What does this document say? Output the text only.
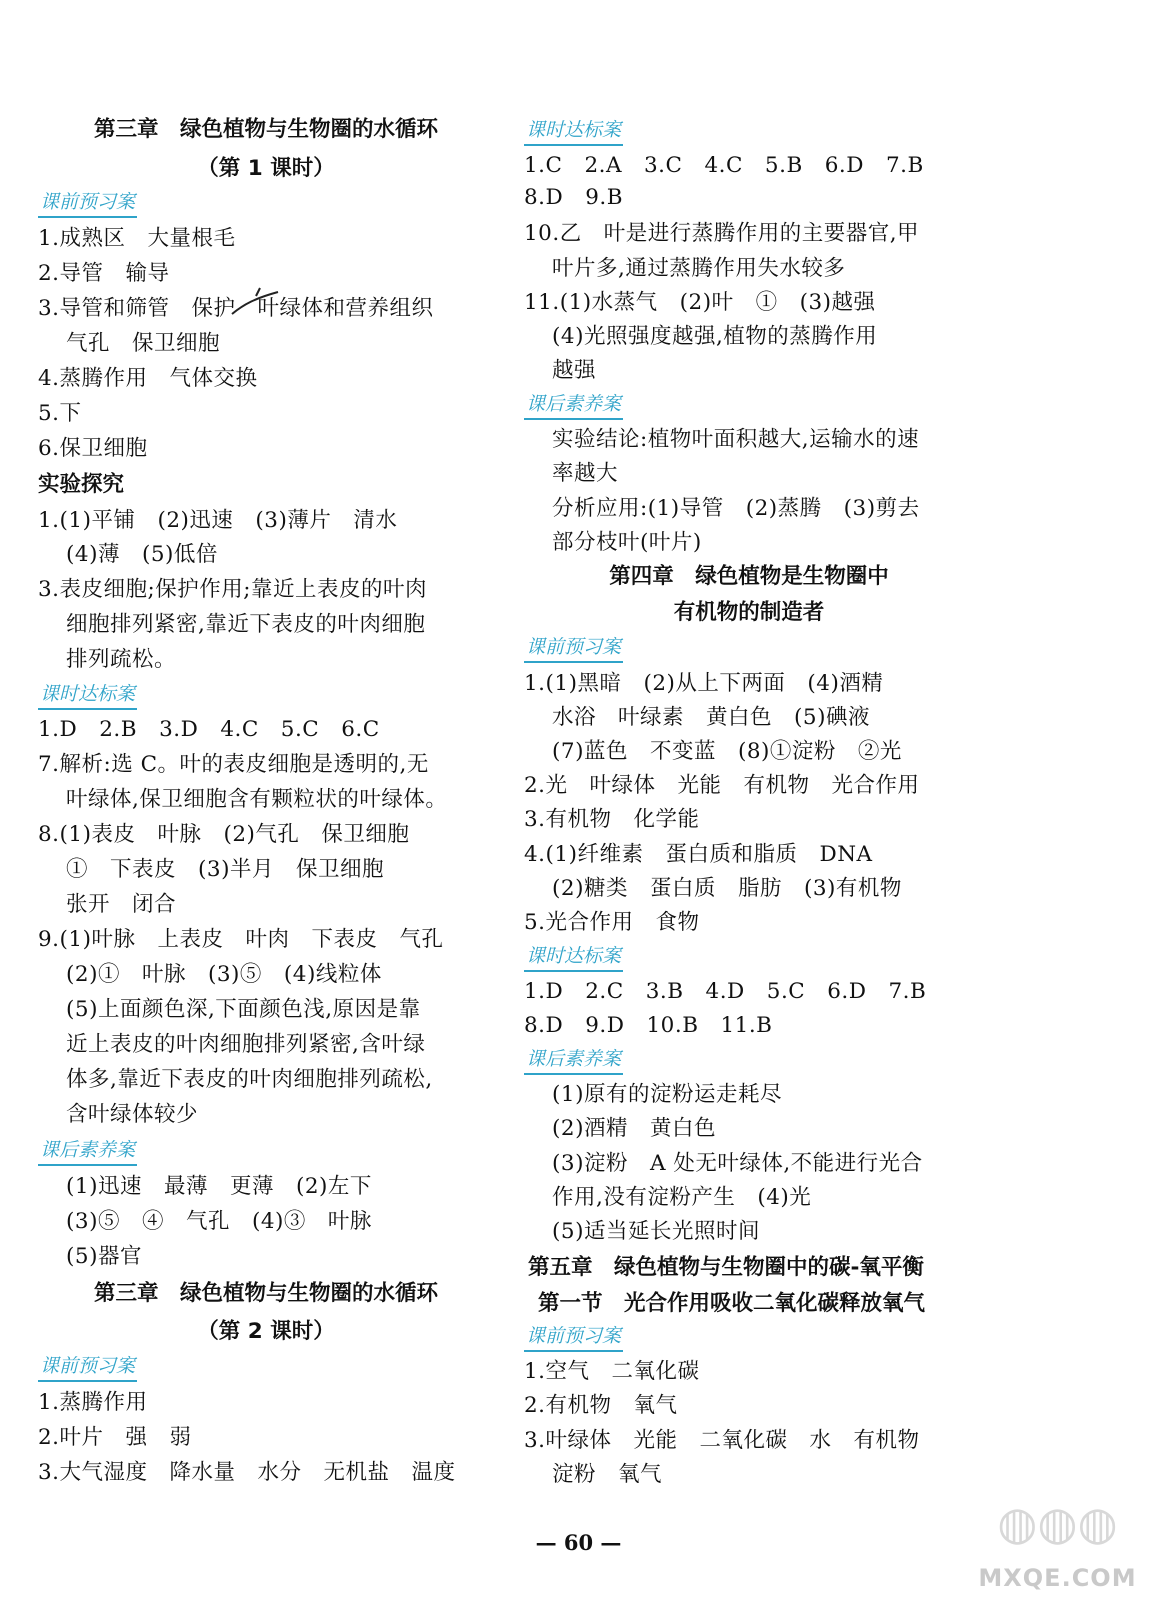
第三章　绿色植物与生物圈的水循环
（第 1 课时）
课前预习案
1.成熟区　大量根毛
2.导管　输导
3.导管和筛管　保护　叶绿体和营养组织
气孔　保卫细胞
4.蒸腾作用　气体交换
5.下
6.保卫细胞
实验探究
1.(1)平铺　(2)迅速　(3)薄片　清水
(4)薄　(5)低倍
3.表皮细胞;保护作用;靠近上表皮的叶肉
细胞排列紧密,靠近下表皮的叶肉细胞
排列疏松。
课时达标案
1.D　2.B　3.D　4.C　5.C　6.C
7.解析:选 C。叶的表皮细胞是透明的,无
叶绿体,保卫细胞含有颗粒状的叶绿体。
8.(1)表皮　叶脉　(2)气孔　保卫细胞
①　下表皮　(3)半月　保卫细胞
张开　闭合
9.(1)叶脉　上表皮　叶肉　下表皮　气孔
(2)①　叶脉　(3)⑤　(4)线粒体
(5)上面颜色深,下面颜色浅,原因是靠
近上表皮的叶肉细胞排列紧密,含叶绿
体多,靠近下表皮的叶肉细胞排列疏松,
含叶绿体较少
课后素养案
(1)迅速　最薄　更薄　(2)左下
(3)⑤　④　气孔　(4)③　叶脉
(5)器官
第三章　绿色植物与生物圈的水循环
（第 2 课时）
课前预习案
1.蒸腾作用
2.叶片　强　弱
3.大气湿度　降水量　水分　无机盐　温度
课时达标案
1.C　2.A　3.C　4.C　5.B　6.D　7.B
8.D　9.B
10.乙　叶是进行蒸腾作用的主要器官,甲
叶片多,通过蒸腾作用失水较多
11.(1)水蒸气　(2)叶　①　(3)越强
(4)光照强度越强,植物的蒸腾作用
越强
课后素养案
实验结论:植物叶面积越大,运输水的速
率越大
分析应用:(1)导管　(2)蒸腾　(3)剪去
部分枝叶(叶片)
第四章　绿色植物是生物圈中
有机物的制造者
课前预习案
1.(1)黑暗　(2)从上下两面　(4)酒精
水浴　叶绿素　黄白色　(5)碘液
(7)蓝色　不变蓝　(8)①淀粉　②光
2.光　叶绿体　光能　有机物　光合作用
3.有机物　化学能
4.(1)纤维素　蛋白质和脂质　DNA
(2)糖类　蛋白质　脂肪　(3)有机物
5.光合作用　食物
课时达标案
1.D　2.C　3.B　4.D　5.C　6.D　7.B
8.D　9.D　10.B　11.B
课后素养案
(1)原有的淀粉运走耗尽
(2)酒精　黄白色
(3)淀粉　A 处无叶绿体,不能进行光合
作用,没有淀粉产生　(4)光
(5)适当延长光照时间
第五章　绿色植物与生物圈中的碳-氧平衡
第一节　光合作用吸收二氧化碳释放氧气
课前预习案
1.空气　二氧化碳
2.有机物　氧气
3.叶绿体　光能　二氧化碳　水　有机物
淀粉　氧气
— 60 —	◍◍◍
MXQE.COM
